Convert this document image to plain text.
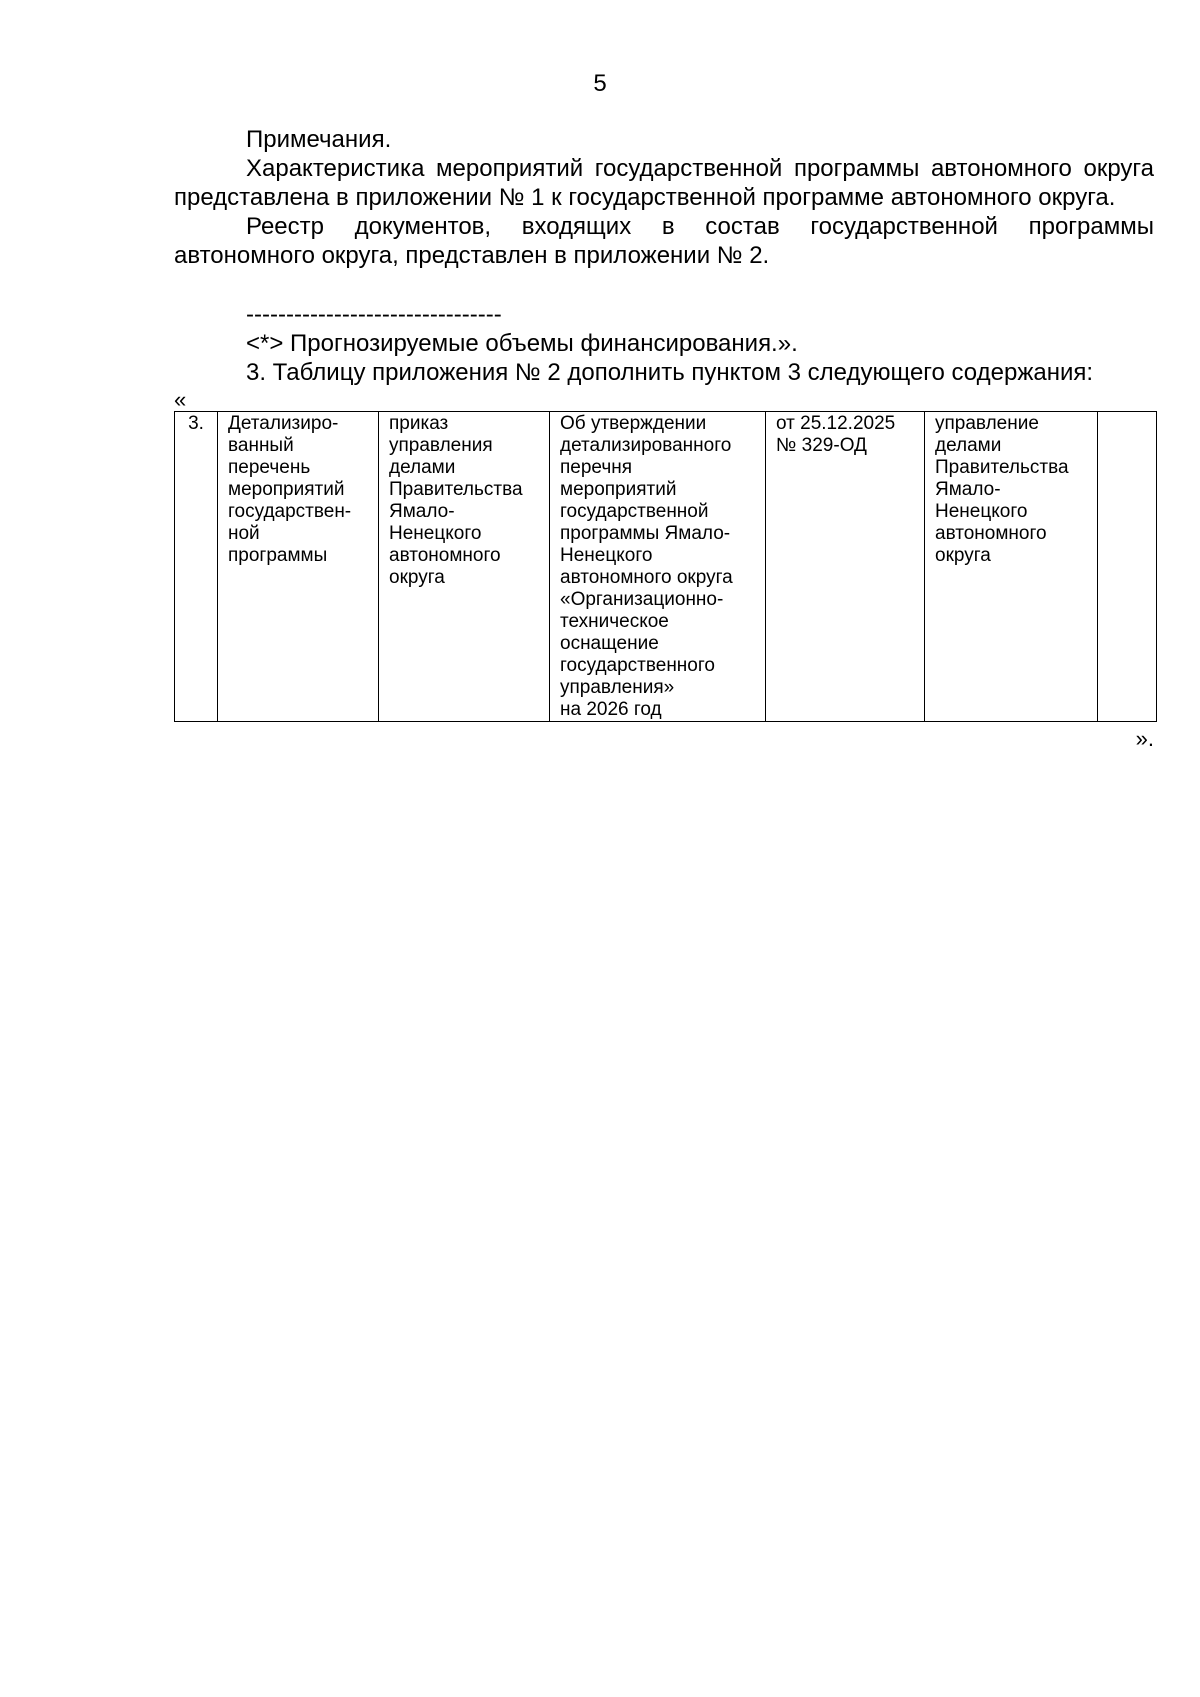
5

Примечания.

Характеристика мероприятий государственной программы автономного округа представлена в приложении № 1 к государственной программе автономного округа.

Реестр документов, входящих в состав государственной программы автономного округа, представлен в приложении № 2.

--------------------------------

<*> Прогнозируемые объемы финансирования.».

3. Таблицу приложения № 2 дополнить пунктом 3 следующего содержания:

«

3.	Детализиро-
ванный
перечень
мероприятий
государствен-
ной
программы	приказ
управления
делами
Правительства
Ямало-
Ненецкого
автономного
округа	Об утверждении
детализированного
перечня
мероприятий
государственной
программы Ямало-
Ненецкого
автономного округа
«Организационно-
техническое
оснащение
государственного
управления»
на 2026 год	от 25.12.2025
№ 329-ОД	управление
делами
Правительства
Ямало-
Ненецкого
автономного
округа	

».
